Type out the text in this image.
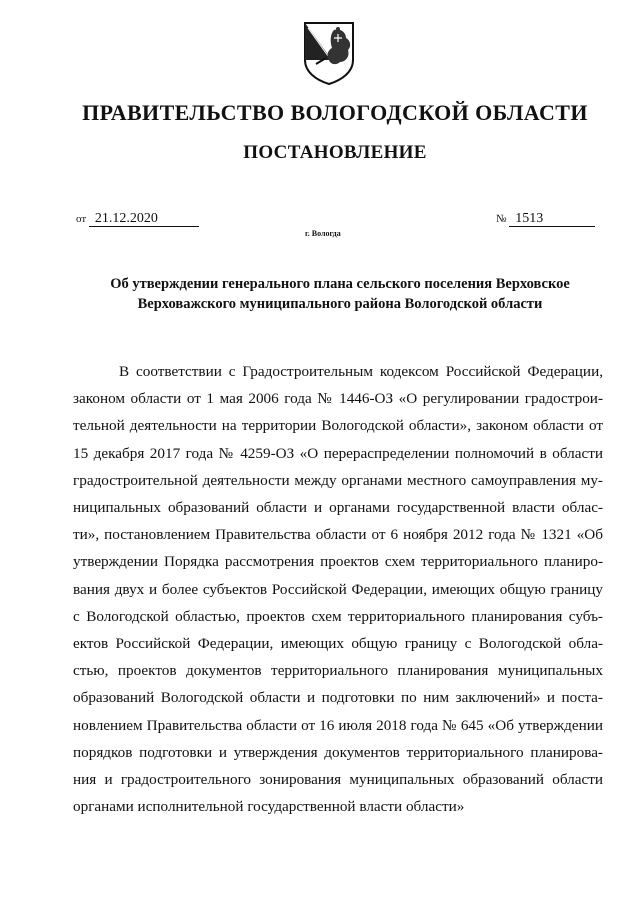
ПРАВИТЕЛЬСТВО ВОЛОГОДСКОЙ ОБЛАСТИ
ПОСТАНОВЛЕНИЕ
от 21.12.2020	№ 1513
г. Вологда
Об утверждении генерального плана сельского поселения Верховское
Верховажского муниципального района Вологодской области
В соответствии с Градостроительным кодексом Российской Федерации,
законом области от 1 мая 2006 года № 1446-ОЗ «О регулировании градострои-
тельной деятельности на территории Вологодской области», законом области от
15 декабря 2017 года № 4259-ОЗ «О перераспределении полномочий в области
градостроительной деятельности между органами местного самоуправления му-
ниципальных образований области и органами государственной власти облас-
ти», постановлением Правительства области от 6 ноября 2012 года № 1321 «Об
утверждении Порядка рассмотрения проектов схем территориального планиро-
вания двух и более субъектов Российской Федерации, имеющих общую границу
с Вологодской областью, проектов схем территориального планирования субъ-
ектов Российской Федерации, имеющих общую границу с Вологодской обла-
стью, проектов документов территориального планирования муниципальных
образований Вологодской области и подготовки по ним заключений» и поста-
новлением Правительства области от 16 июля 2018 года № 645 «Об утверждении
порядков подготовки и утверждения документов территориального планирова-
ния и градостроительного зонирования муниципальных образований области
органами исполнительной государственной власти области»
